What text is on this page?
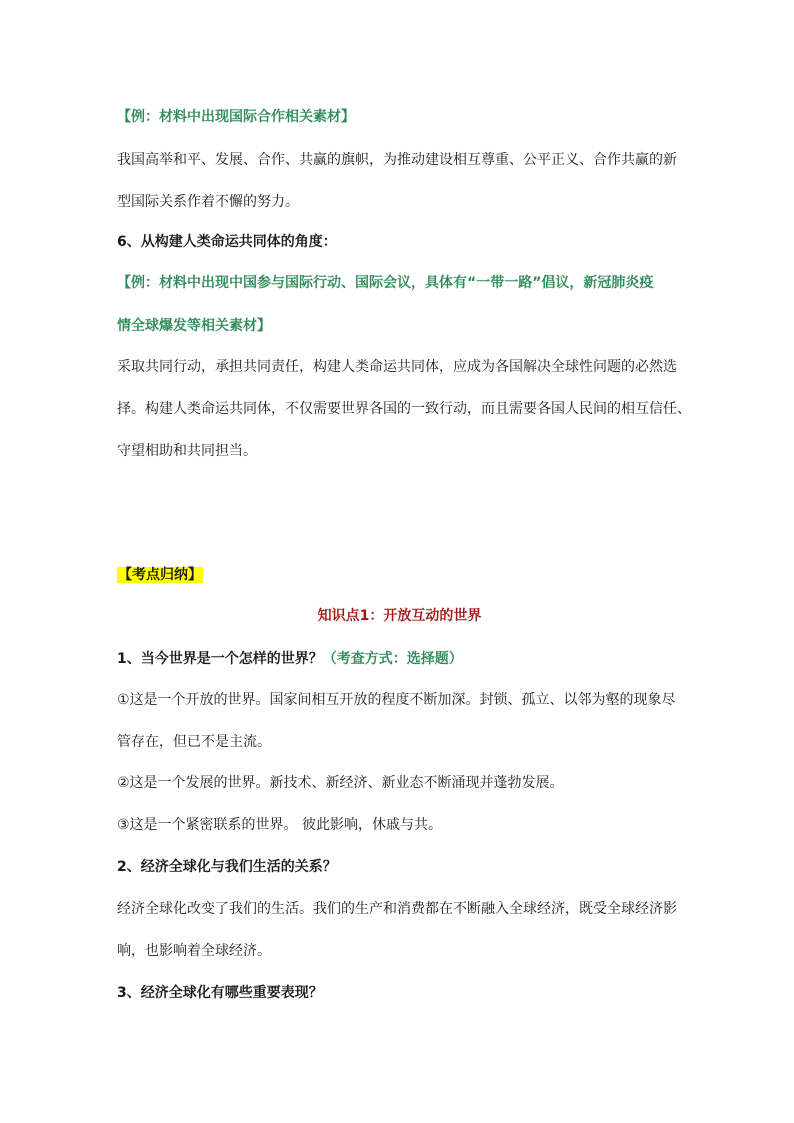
【例：材料中出现国际合作相关素材】
我国高举和平、发展、合作、共赢的旗帜，为推动建设相互尊重、公平正义、合作共赢的新
型国际关系作着不懈的努力。
6、从构建人类命运共同体的角度：
【例：材料中出现中国参与国际行动、国际会议，具体有“一带一路”倡议，新冠肺炎疫
情全球爆发等相关素材】
采取共同行动，承担共同责任，构建人类命运共同体，应成为各国解决全球性问题的必然选
择。构建人类命运共同体，不仅需要世界各国的一致行动，而且需要各国人民间的相互信任、
守望相助和共同担当。
【考点归纳】
知识点1：开放互动的世界
1、当今世界是一个怎样的世界？（考查方式：选择题）
①这是一个开放的世界。国家间相互开放的程度不断加深。封锁、孤立、以邻为壑的现象尽
管存在，但已不是主流。
②这是一个发展的世界。新技术、新经济、新业态不断涌现并蓬勃发展。
③这是一个紧密联系的世界。 彼此影响，休戚与共。
2、经济全球化与我们生活的关系？
经济全球化改变了我们的生活。我们的生产和消费都在不断融入全球经济，既受全球经济影
响，也影响着全球经济。
3、经济全球化有哪些重要表现？
